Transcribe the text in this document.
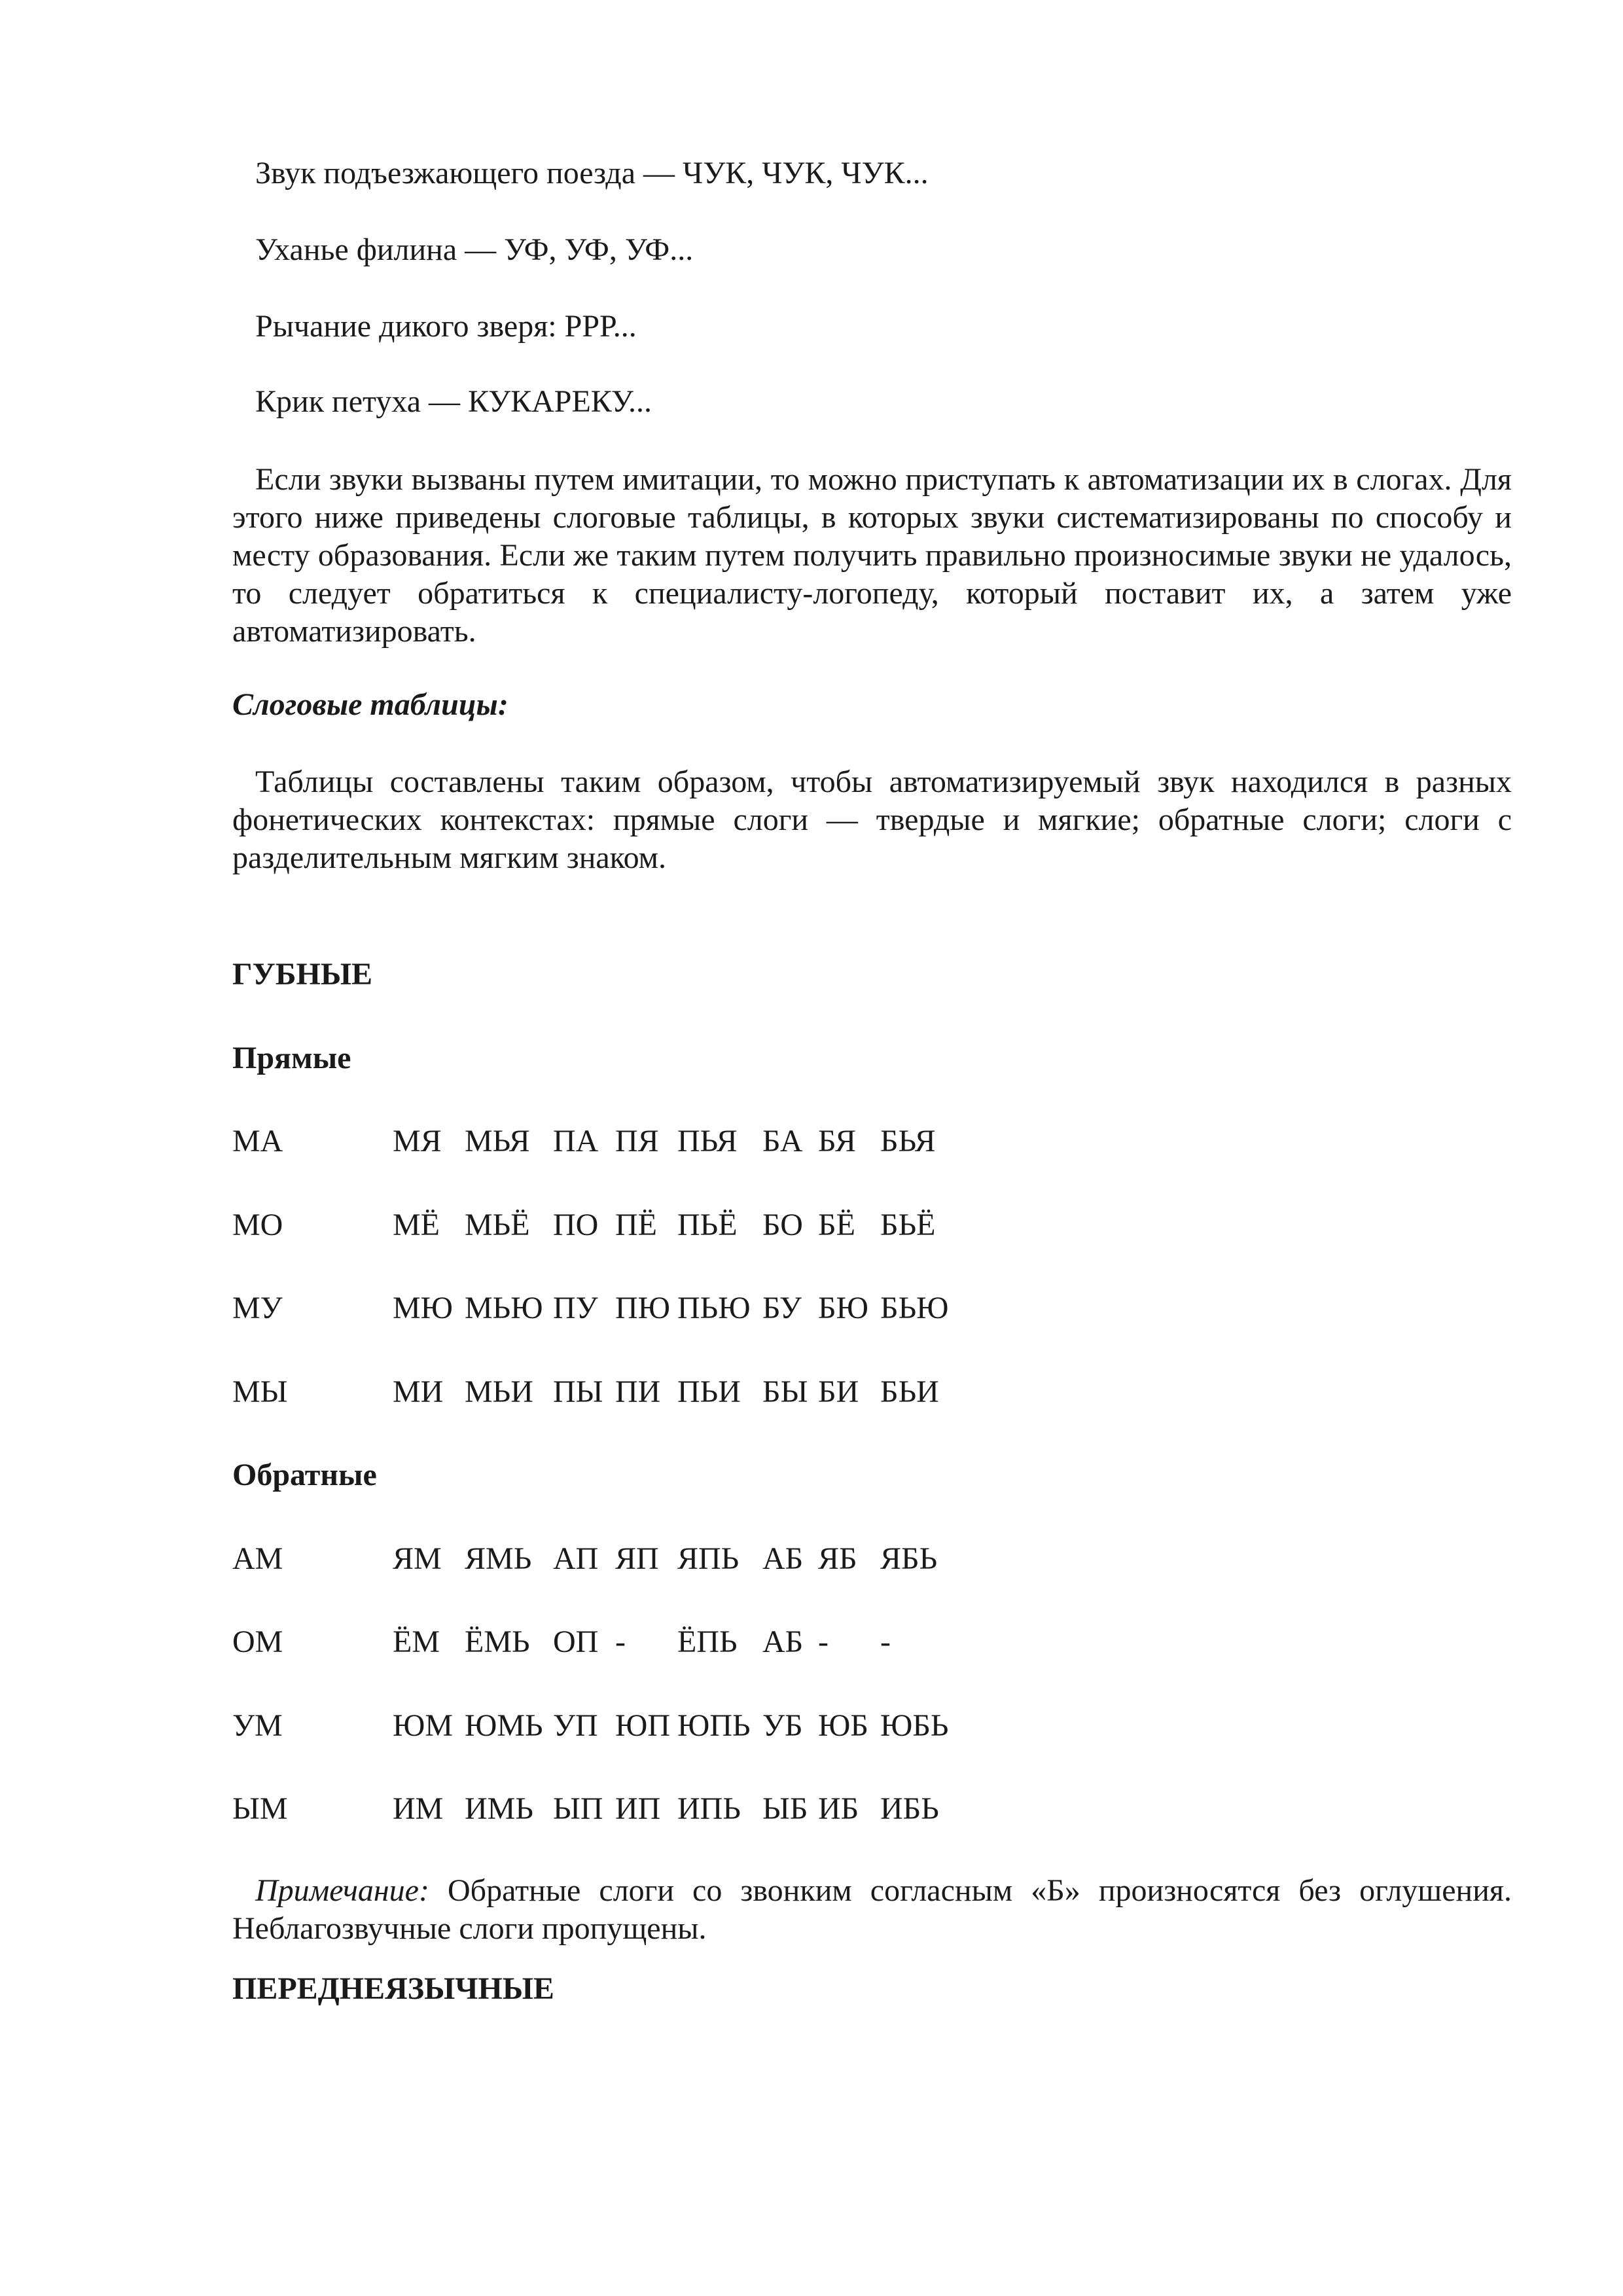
Звук подъезжающего поезда — ЧУК, ЧУК, ЧУК...
Уханье филина — УФ, УФ, УФ...
Рычание дикого зверя: РРР...
Крик петуха — КУКАРЕКУ...
Если звуки вызваны путем имитации, то можно приступать к автоматизации их в слогах. Для этого ниже приведены слоговые таблицы, в которых звуки систематизированы по способу и месту образования. Если же таким путем получить правильно произносимые звуки не удалось, то следует обратиться к специалисту-логопеду, который поставит их, а затем уже автоматизировать.
Слоговые таблицы:
Таблицы составлены таким образом, чтобы автоматизируемый звук находился в разных фонетических контекстах: прямые слоги — твердые и мягкие; обратные слоги; слоги с разделительным мягким знаком.
ГУБНЫЕ
Прямые
МА	МЯ МЬЯ ПА ПЯ ПЬЯ БА БЯ БЬЯ
МО	МЁ МЬЁ ПО ПЁ ПЬЁ БО БЁ БЬЁ
МУ	МЮ МЬЮ ПУ ПЮ ПЬЮ БУ БЮ БЬЮ
МЫ	МИ МЬИ ПЫ ПИ ПЬИ БЫ БИ БЬИ
Обратные
АМ	ЯМ ЯМЬ АП ЯП ЯПЬ АБ ЯБ ЯБЬ
ОМ	ЁМ ЁМЬ ОП - ЁПЬ АБ - -
УМ	ЮМ ЮМЬ УП ЮП ЮПЬ УБ ЮБ ЮБЬ
ЫМ	ИМ ИМЬ ЫП ИП ИПЬ ЫБ ИБ ИБЬ
Примечание: Обратные слоги со звонким согласным «Б» произносятся без оглушения. Неблагозвучные слоги пропущены.
ПЕРЕДНЕЯЗЫЧНЫЕ
